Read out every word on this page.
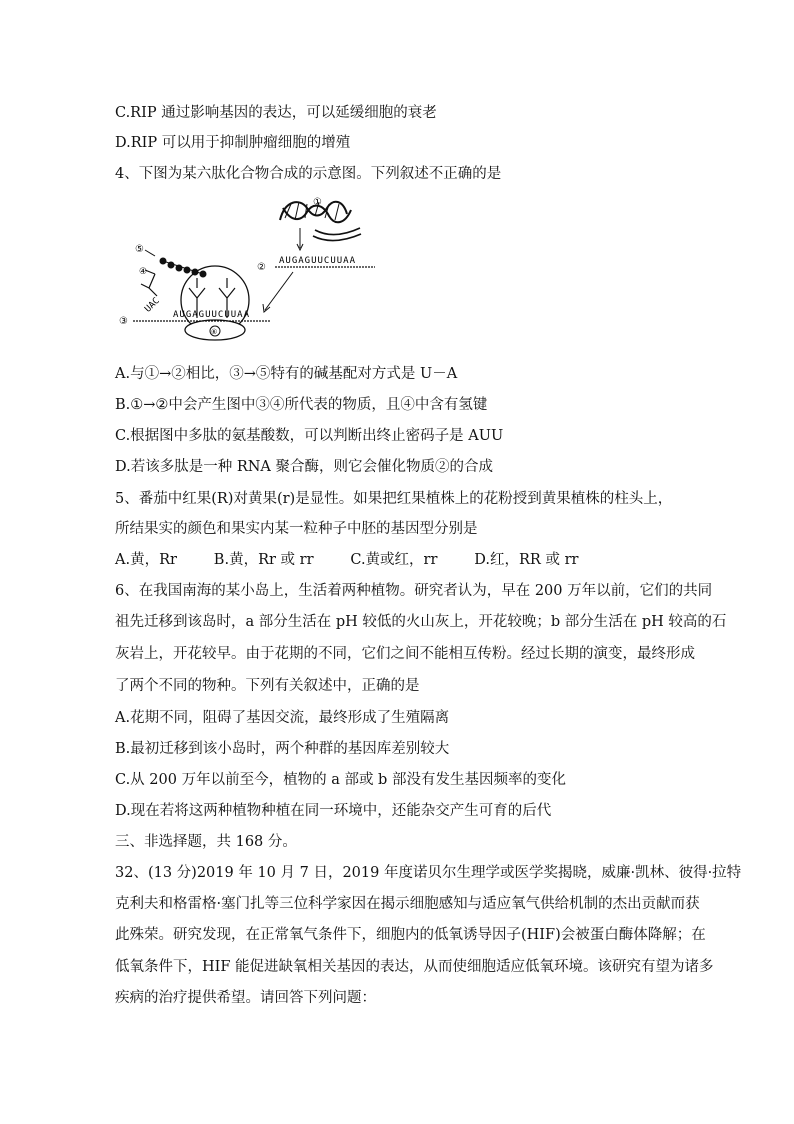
C.RIP 通过影响基因的表达，可以延缓细胞的衰老
D.RIP 可以用于抑制肿瘤细胞的增殖
4、下图为某六肽化合物合成的示意图。下列叙述不正确的是
①
②
AUGAGUUCUUAA
⑥
⑤
④
UAC
③
AUGAGUUCUUAA
A.与①→②相比，③→⑤特有的碱基配对方式是 U－A
B.①→②中会产生图中③④所代表的物质，且④中含有氢键
C.根据图中多肽的氨基酸数，可以判断出终止密码子是 AUU
D.若该多肽是一种 RNA 聚合酶，则它会催化物质②的合成
5、番茄中红果(R)对黄果(r)是显性。如果把红果植株上的花粉授到黄果植株的柱头上，
所结果实的颜色和果实内某一粒种子中胚的基因型分别是
A.黄，Rr        B.黄，Rr 或 rr        C.黄或红，rr        D.红，RR 或 rr
6、在我国南海的某小岛上，生活着两种植物。研究者认为，早在 200 万年以前，它们的共同
祖先迁移到该岛时，a 部分生活在 pH 较低的火山灰上，开花较晚；b 部分生活在 pH 较高的石
灰岩上，开花较早。由于花期的不同，它们之间不能相互传粉。经过长期的演变，最终形成
了两个不同的物种。下列有关叙述中，正确的是
A.花期不同，阻碍了基因交流，最终形成了生殖隔离
B.最初迁移到该小岛时，两个种群的基因库差别较大
C.从 200 万年以前至今，植物的 a 部或 b 部没有发生基因频率的变化
D.现在若将这两种植物种植在同一环境中，还能杂交产生可育的后代
三、非选择题，共 168 分。
32、(13 分)2019 年 10 月 7 日，2019 年度诺贝尔生理学或医学奖揭晓，威廉·凯林、彼得·拉特
克利夫和格雷格·塞门扎等三位科学家因在揭示细胞感知与适应氧气供给机制的杰出贡献而获
此殊荣。研究发现，在正常氧气条件下，细胞内的低氧诱导因子(HIF)会被蛋白酶体降解；在
低氧条件下，HIF 能促进缺氧相关基因的表达，从而使细胞适应低氧环境。该研究有望为诸多
疾病的治疗提供希望。请回答下列问题：
